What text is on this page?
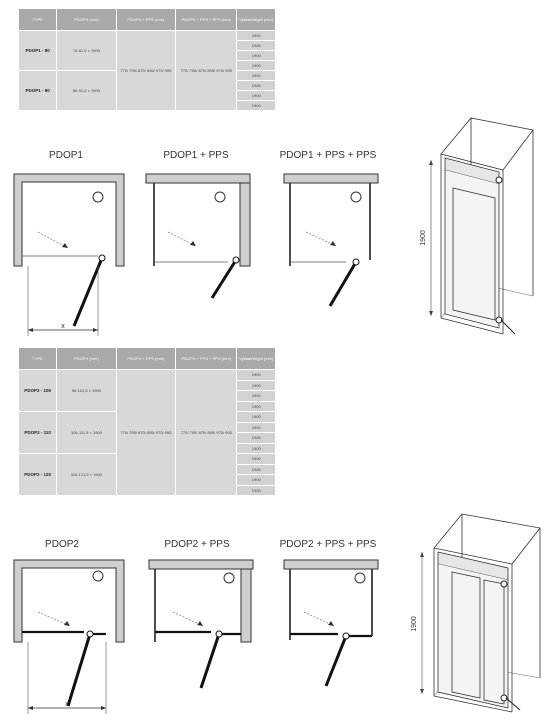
TYPE	PDOPX (mm)	PDOPX + PPS (mm)	PDOPX + PPS + PPS (mm)	Výška/Height (mm)
PDOP1 - 80	76-81,5 × 1900	770/ 795/ 870/ 895/ 970/ 995	770/ 795/ 870/ 895/ 970/ 995	1900
				1900
				1900
				1900
PDOP1 - 90	86-91,5 × 1900			1900
				1900
				1900
				1900
PDOP1	PDOP1 + PPS	PDOP1 + PPS + PPS
x
1900
TYPE	PDOPX (mm)	PDOPX + PPS (mm)	PDOPX + PPS + PPS (mm)	Výška/Height (mm)
PDOP2 - 100	96-101,5 × 1900	770/ 795/ 870/ 895/ 970/ 995	770/ 795/ 870/ 895/ 970/ 995	1900
				1900
				1900
				1900
PDOP2 - 110	106-111,5 × 1900			1900
				1900
				1900
				1900
PDOP2 - 120	116-121,5 × 1900			1900
				1900
				1900
				1900
PDOP2	PDOP2 + PPS	PDOP2 + PPS + PPS
x
1900
